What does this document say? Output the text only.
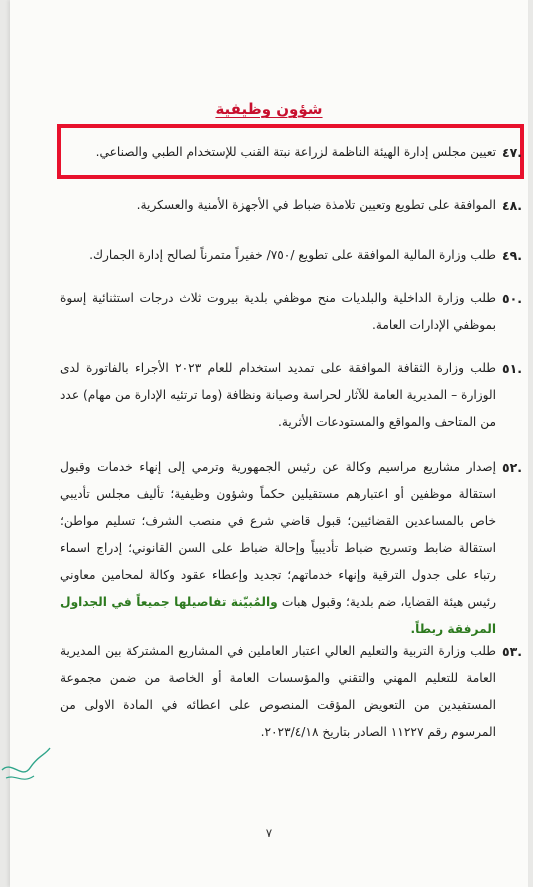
شؤون وظيفية
.٤٧
تعيين مجلس إدارة الهيئة الناظمة لزراعة نبتة القنب للإستخدام الطبي والصناعي.
.٤٨
الموافقة على تطويع وتعيين تلامذة ضباط في الأجهزة الأمنية والعسكرية.
.٤٩
طلب وزارة المالية الموافقة على تطويع /٧٥٠/ خفيراً متمرناً لصالح إدارة الجمارك.
.٥٠
طلب وزارة الداخلية والبلديات منح موظفي بلدية بيروت ثلاث درجات استثنائية إسوة بموظفي الإدارات العامة.
.٥١
طلب وزارة الثقافة الموافقة على تمديد استخدام للعام ٢٠٢٣ الأجراء بالفاتورة لدى الوزارة – المديرية العامة للآثار لحراسة وصيانة ونظافة (وما ترتئيه الإدارة من مهام) عدد من المتاحف والمواقع والمستودعات الأثرية.
.٥٢
إصدار مشاريع مراسيم وكالة عن رئيس الجمهورية وترمي إلى إنهاء خدمات وقبول استقالة موظفين أو اعتبارهم مستقيلين حكماً وشؤون وظيفية؛ تأليف مجلس تأديبي خاص بالمساعدين القضائيين؛ قبول قاضي شرع في منصب الشرف؛ تسليم مواطن؛ استقالة ضابط وتسريح ضباط تأديبياً وإحالة ضباط على السن القانوني؛ إدراج اسماء رتباء على جدول الترقية وإنهاء خدماتهم؛ تجديد وإعطاء عقود وكالة لمحامين معاوني رئيس هيئة القضايا، ضم بلدية؛ وقبول هبات والمُبيّنة تفاصيلها جميعاً في الجداول المرفقة ربطاً.
.٥٣
طلب وزارة التربية والتعليم العالي اعتبار العاملين في المشاريع المشتركة بين المديرية العامة للتعليم المهني والتقني والمؤسسات العامة أو الخاصة من ضمن مجموعة المستفيدين من التعويض المؤقت المنصوص على اعطائه في المادة الاولى من المرسوم رقم ١١٢٢٧ الصادر بتاريخ ٢٠٢٣/٤/١٨.
٧
